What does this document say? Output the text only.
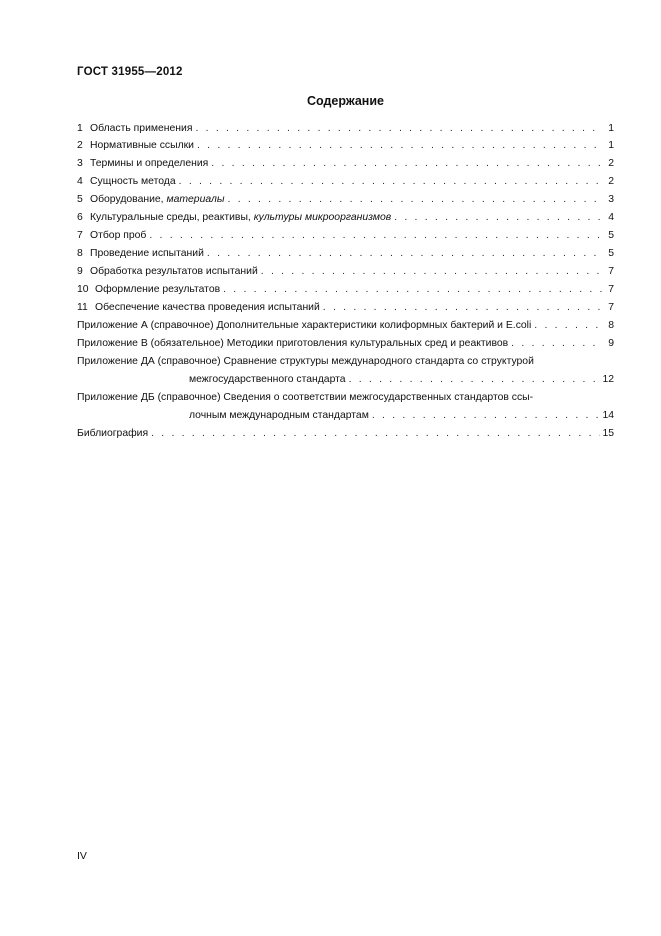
ГОСТ 31955—2012
Содержание
1 Область применения . . .	1
2 Нормативные ссылки . . .	1
3 Термины и определения . . .	2
4 Сущность метода . . .	2
5 Оборудование, материалы . . .	3
6 Культуральные среды, реактивы, культуры микроорганизмов . . .	4
7 Отбор проб . . .	5
8 Проведение испытаний . . .	5
9 Обработка результатов испытаний . . .	7
10 Оформление результатов . . .	7
11 Обеспечение качества проведения испытаний . . .	7
Приложение А (справочное) Дополнительные характеристики колиформных бактерий и E.coli . . .	8
Приложение В (обязательное) Методики приготовления культуральных сред и реактивов . . .	9
Приложение ДА (справочное) Сравнение структуры международного стандарта со структурой
межгосударственного стандарта . . .	12
Приложение ДБ (справочное) Сведения о соответствии межгосударственных стандартов ссы-
лочным международным стандартам . . .	14
Библиография . . .	15
IV
